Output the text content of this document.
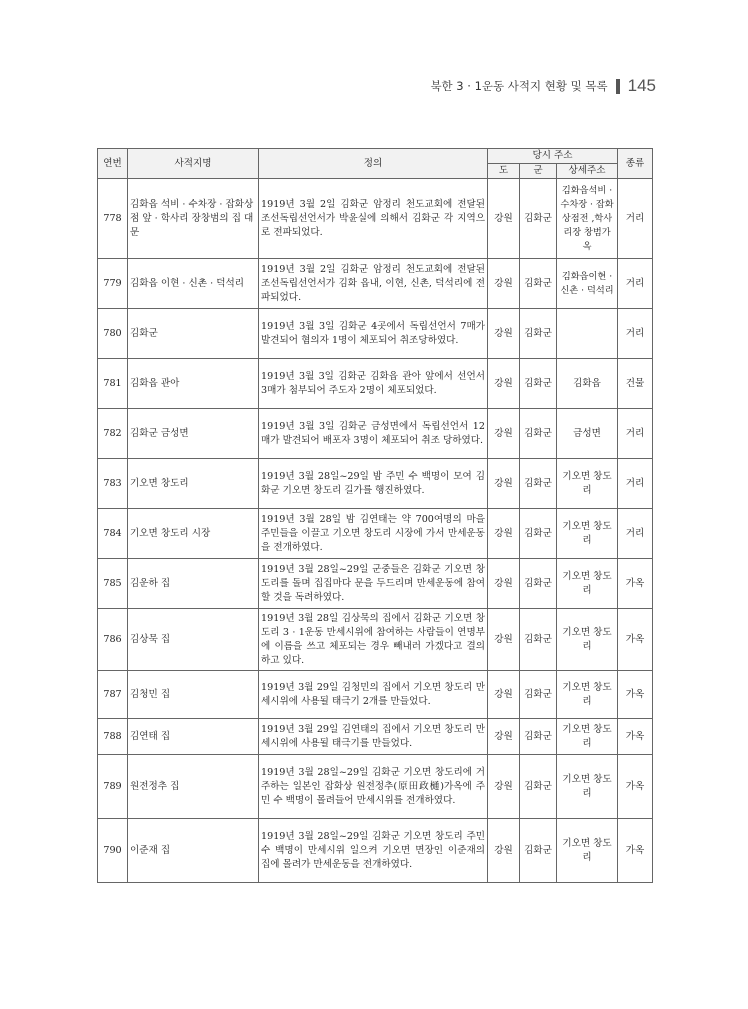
북한 3 · 1운동 사적지 현황 및 목록 145
연번	사적지명	정의	당시 주소			종류
			도	군	상세주소	
778	김화읍 석비 · 수차장 · 잡화상점 앞 · 학사리 장창범의 집 대문	1919년 3월 2일 김화군 암정리 천도교회에 전달된 조선독립선언서가 박윤실에 의해서 김화군 각 지역으로 전파되었다.	강원	김화군	김화읍석비 · 수차장 · 잡화상점전 ,학사리장 창범가옥	거리
779	김화읍 이현 · 신촌 · 덕석리	1919년 3월 2일 김화군 암정리 천도교회에 전달된 조선독립선언서가 김화 읍내, 이현, 신촌, 덕석리에 전파되었다.	강원	김화군	김화읍이현 · 신촌 · 덕석리	거리
780	김화군	1919년 3월 3일 김화군 4곳에서 독립선언서 7매가 발견되어 혐의자 1명이 체포되어 취조당하였다.	강원	김화군		거리
781	김화읍 관아	1919년 3월 3일 김화군 김화읍 관아 앞에서 선언서 3매가 첨부되어 주도자 2명이 체포되었다.	강원	김화군	김화읍	건물
782	김화군 금성면	1919년 3월 3일 김화군 금성면에서 독립선언서 12매가 발견되어 배포자 3명이 체포되어 취조 당하였다.	강원	김화군	금성면	거리
783	기오면 창도리	1919년 3월 28일~29일 밤 주민 수 백명이 모여 김화군 기오면 창도리 길가를 행진하였다.	강원	김화군	기오면 창도리	거리
784	기오면 창도리 시장	1919년 3월 28일 밤 김연태는 약 700여명의 마을 주민들을 이끌고 기오면 창도리 시장에 가서 만세운동을 전개하였다.	강원	김화군	기오면 창도리	거리
785	김운하 집	1919년 3월 28일~29일 군중들은 김화군 기오면 창도리를 돌며 집집마다 문을 두드리며 만세운동에 참여할 것을 독려하였다.	강원	김화군	기오면 창도리	가옥
786	김상묵 집	1919년 3월 28일 김상묵의 집에서 김화군 기오면 창도리 3 · 1운동 만세시위에 참여하는 사람들이 연명부에 이름을 쓰고 체포되는 경우 빼내러 가겠다고 결의하고 있다.	강원	김화군	기오면 창도리	가옥
787	김청민 집	1919년 3월 29일 김청민의 집에서 기오면 창도리 만세시위에 사용될 태극기 2개를 만들었다.	강원	김화군	기오면 창도리	가옥
788	김연태 집	1919년 3월 29일 김연태의 집에서 기오면 창도리 만세시위에 사용될 태극기를 만들었다.	강원	김화군	기오면 창도리	가옥
789	원전정추 집	1919년 3월 28일~29일 김화군 기오면 창도리에 거주하는 일본인 잡화상 원전정추(原田政樋)가옥에 주민 수 백명이 몰려들어 만세시위를 전개하였다.	강원	김화군	기오면 창도리	가옥
790	이준재 집	1919년 3월 28일~29일 김화군 기오면 창도리 주민 수 백명이 만세시위 일으켜 기오면 면장인 이준재의 집에 몰려가 만세운동을 전개하였다.	강원	김화군	기오면 창도리	가옥
